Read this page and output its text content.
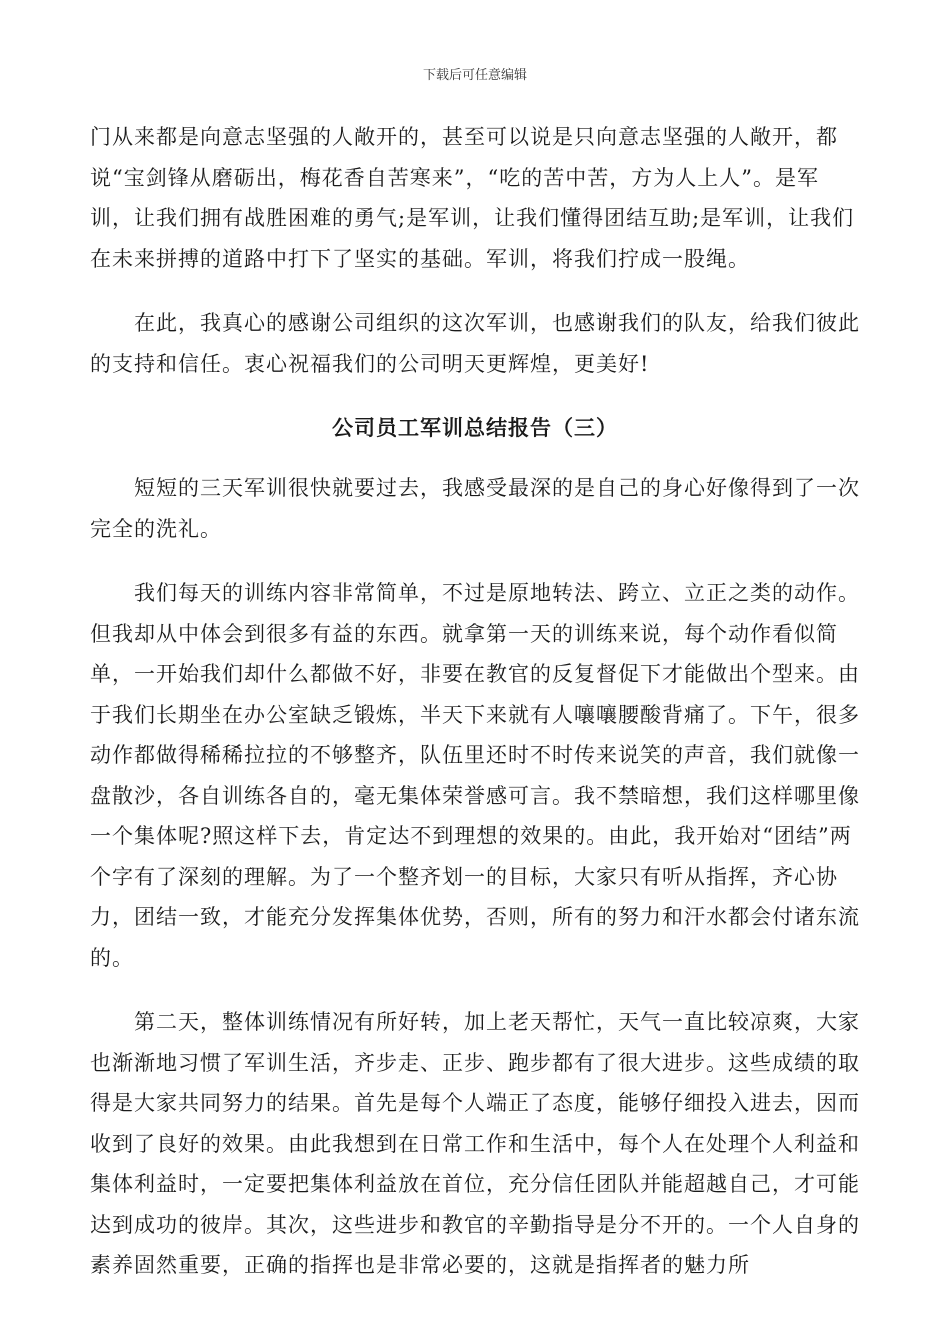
下载后可任意编辑

门从来都是向意志坚强的人敞开的，甚至可以说是只向意志坚强的人敞开，都说“宝剑锋从磨砺出，梅花香自苦寒来”，“吃的苦中苦，方为人上人”。是军训，让我们拥有战胜困难的勇气;是军训，让我们懂得团结互助;是军训，让我们在未来拼搏的道路中打下了坚实的基础。军训，将我们拧成一股绳。

在此，我真心的感谢公司组织的这次军训，也感谢我们的队友，给我们彼此的支持和信任。衷心祝福我们的公司明天更辉煌，更美好!

公司员工军训总结报告（三）

短短的三天军训很快就要过去，我感受最深的是自己的身心好像得到了一次完全的洗礼。

我们每天的训练内容非常简单，不过是原地转法、跨立、立正之类的动作。但我却从中体会到很多有益的东西。就拿第一天的训练来说，每个动作看似简单，一开始我们却什么都做不好，非要在教官的反复督促下才能做出个型来。由于我们长期坐在办公室缺乏锻炼，半天下来就有人嚷嚷腰酸背痛了。下午，很多动作都做得稀稀拉拉的不够整齐，队伍里还时不时传来说笑的声音，我们就像一盘散沙，各自训练各自的，毫无集体荣誉感可言。我不禁暗想，我们这样哪里像一个集体呢?照这样下去，肯定达不到理想的效果的。由此，我开始对“团结”两个字有了深刻的理解。为了一个整齐划一的目标，大家只有听从指挥，齐心协力，团结一致，才能充分发挥集体优势，否则，所有的努力和汗水都会付诸东流的。

第二天，整体训练情况有所好转，加上老天帮忙，天气一直比较凉爽，大家也渐渐地习惯了军训生活，齐步走、正步、跑步都有了很大进步。这些成绩的取得是大家共同努力的结果。首先是每个人端正了态度，能够仔细投入进去，因而收到了良好的效果。由此我想到在日常工作和生活中，每个人在处理个人利益和集体利益时，一定要把集体利益放在首位，充分信任团队并能超越自己，才可能达到成功的彼岸。其次，这些进步和教官的辛勤指导是分不开的。一个人自身的素养固然重要，正确的指挥也是非常必要的，这就是指挥者的魅力所
